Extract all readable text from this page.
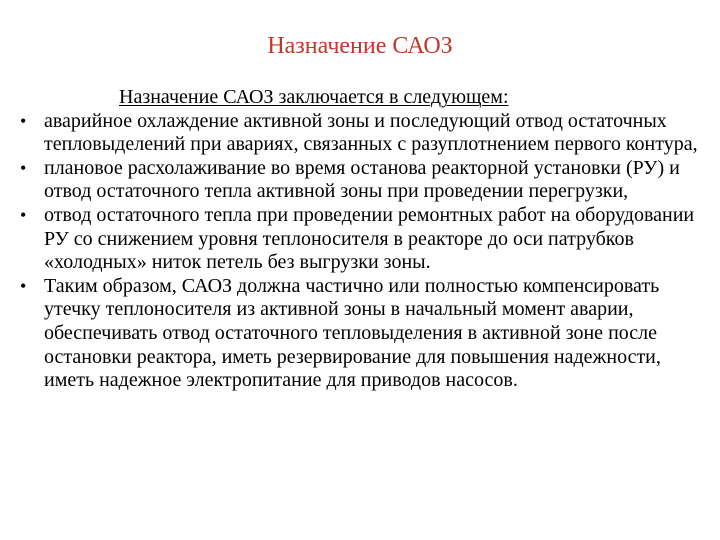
Назначение САОЗ
Назначение САОЗ заключается в следующем:
• аварийное охлаждение активной зоны и последующий отвод остаточных тепловыделений при авариях, связанных с разуплотнением первого контура,
• плановое расхолаживание во время останова реакторной установки (РУ) и отвод остаточного тепла активной зоны при проведении перегрузки,
• отвод остаточного тепла при проведении ремонтных работ на оборудовании РУ со снижением уровня теплоносителя в реакторе до оси патрубков «холодных» ниток петель без выгрузки зоны.
• Таким образом, САОЗ должна частично или полностью компенсировать утечку теплоносителя из активной зоны в начальный момент аварии, обеспечивать отвод остаточного тепловыделения в активной зоне после остановки реактора, иметь резервирование для повышения надежности, иметь надежное электропитание для приводов насосов.
